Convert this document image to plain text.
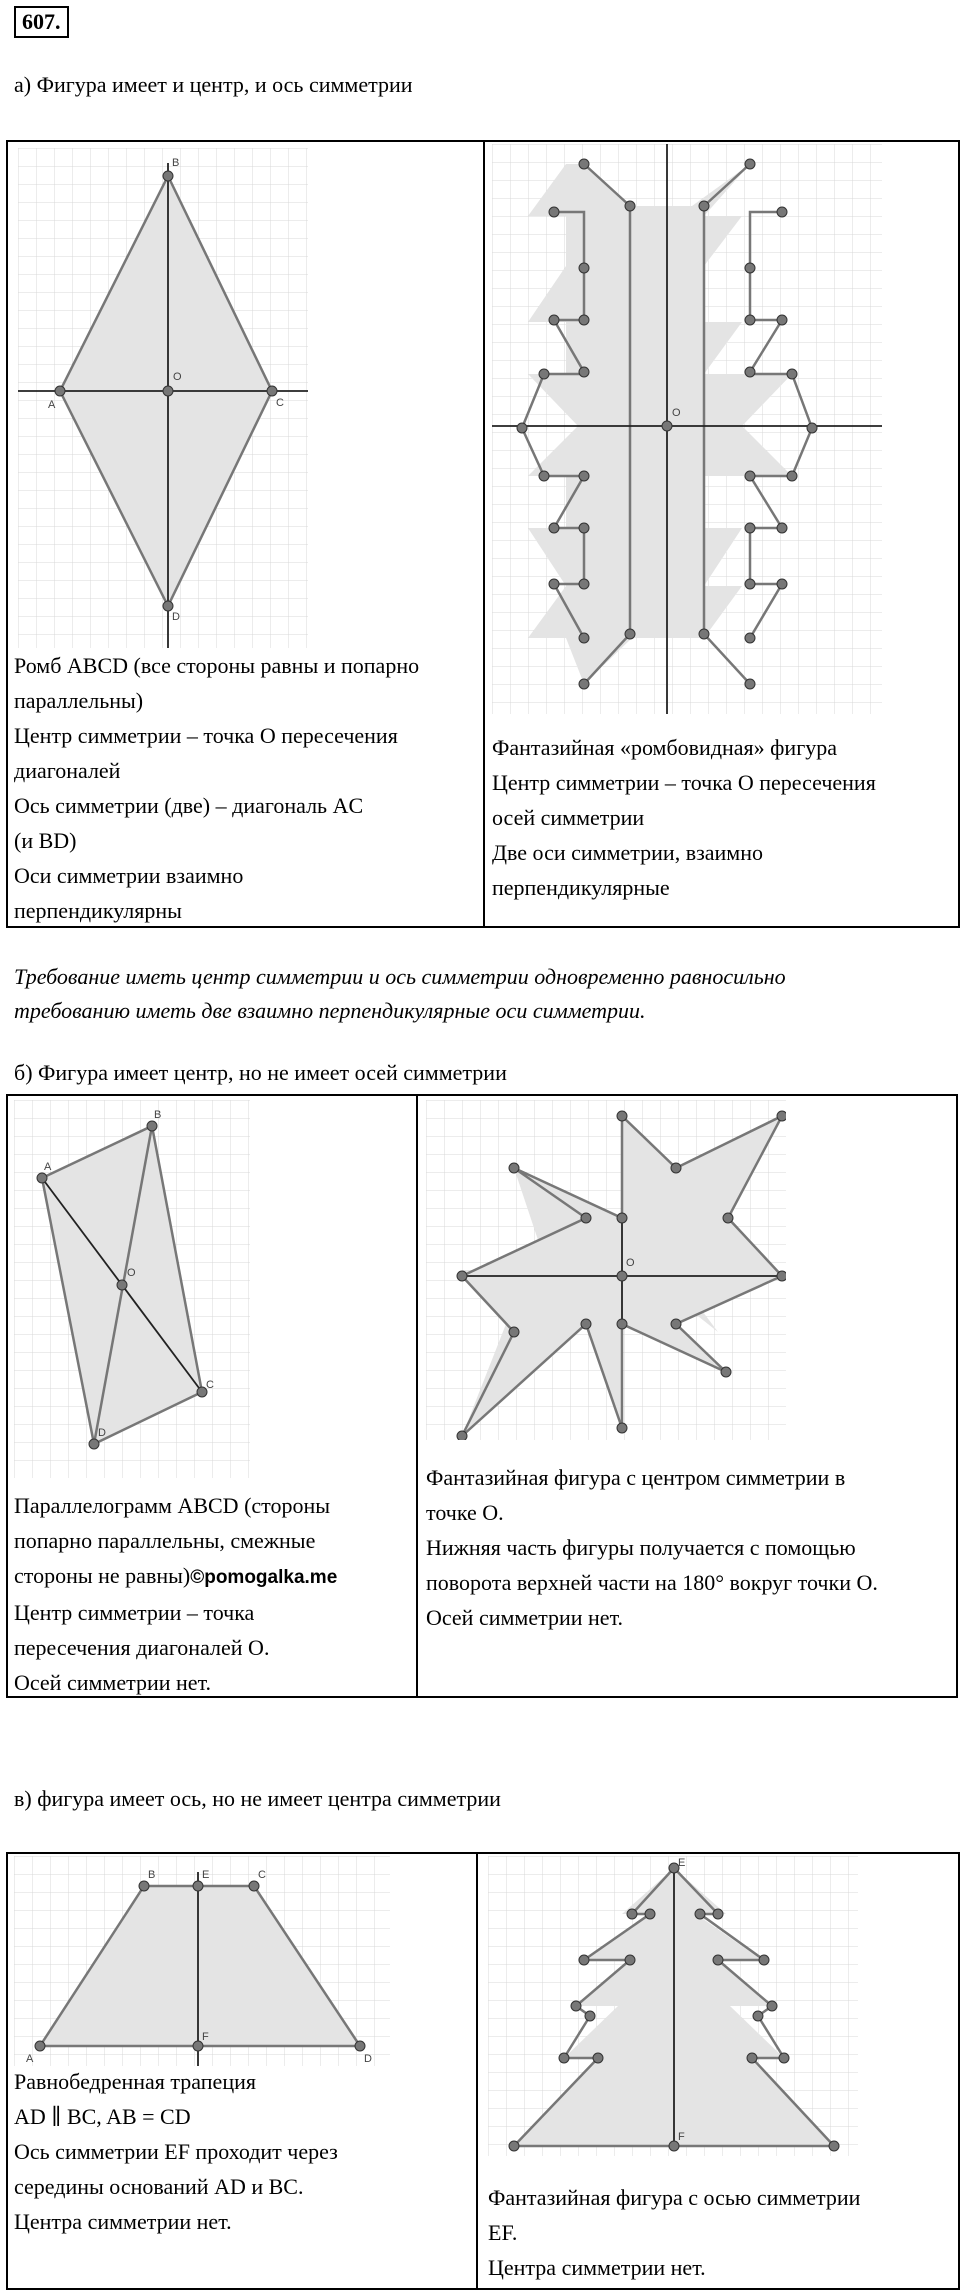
607.
а) Фигура имеет и центр, и ось симметрии
B
C
D
A
O
O
Ромб ABCD (все стороны равны и попарно
параллельны)
Центр симметрии – точка O пересечения
диагоналей
Ось симметрии (две) – диагональ AC
(и BD)
Оси симметрии взаимно
перпендикулярны
Фантазийная «ромбовидная» фигура
Центр симметрии – точка O пересечения
осей симметрии
Две оси симметрии, взаимно
перпендикулярные
Требование иметь центр симметрии и ось симметрии одновременно равносильно
требованию иметь две взаимно перпендикулярные оси симметрии.
б) Фигура имеет центр, но не имеет осей симметрии
A
B
C
D
O
O
Параллелограмм ABCD (стороны
попарно параллельны, смежные
стороны не равны)©pomogalka.me
Центр симметрии – точка
пересечения диагоналей O.
Осей симметрии нет.
Фантазийная фигура с центром симметрии в
точке О.
Нижняя часть фигуры получается с помощью
поворота верхней части на 180° вокруг точки О.
Осей симметрии нет.
в) фигура имеет ось, но не имеет центра симметрии
A
B	C
D
E
F
E
F
Равнобедренная трапеция
AD ∥ BC, AB = CD
Ось симметрии EF проходит через
середины оснований AD и BC.
Центра симметрии нет.
Фантазийная фигура с осью симметрии
EF.
Центра симметрии нет.
